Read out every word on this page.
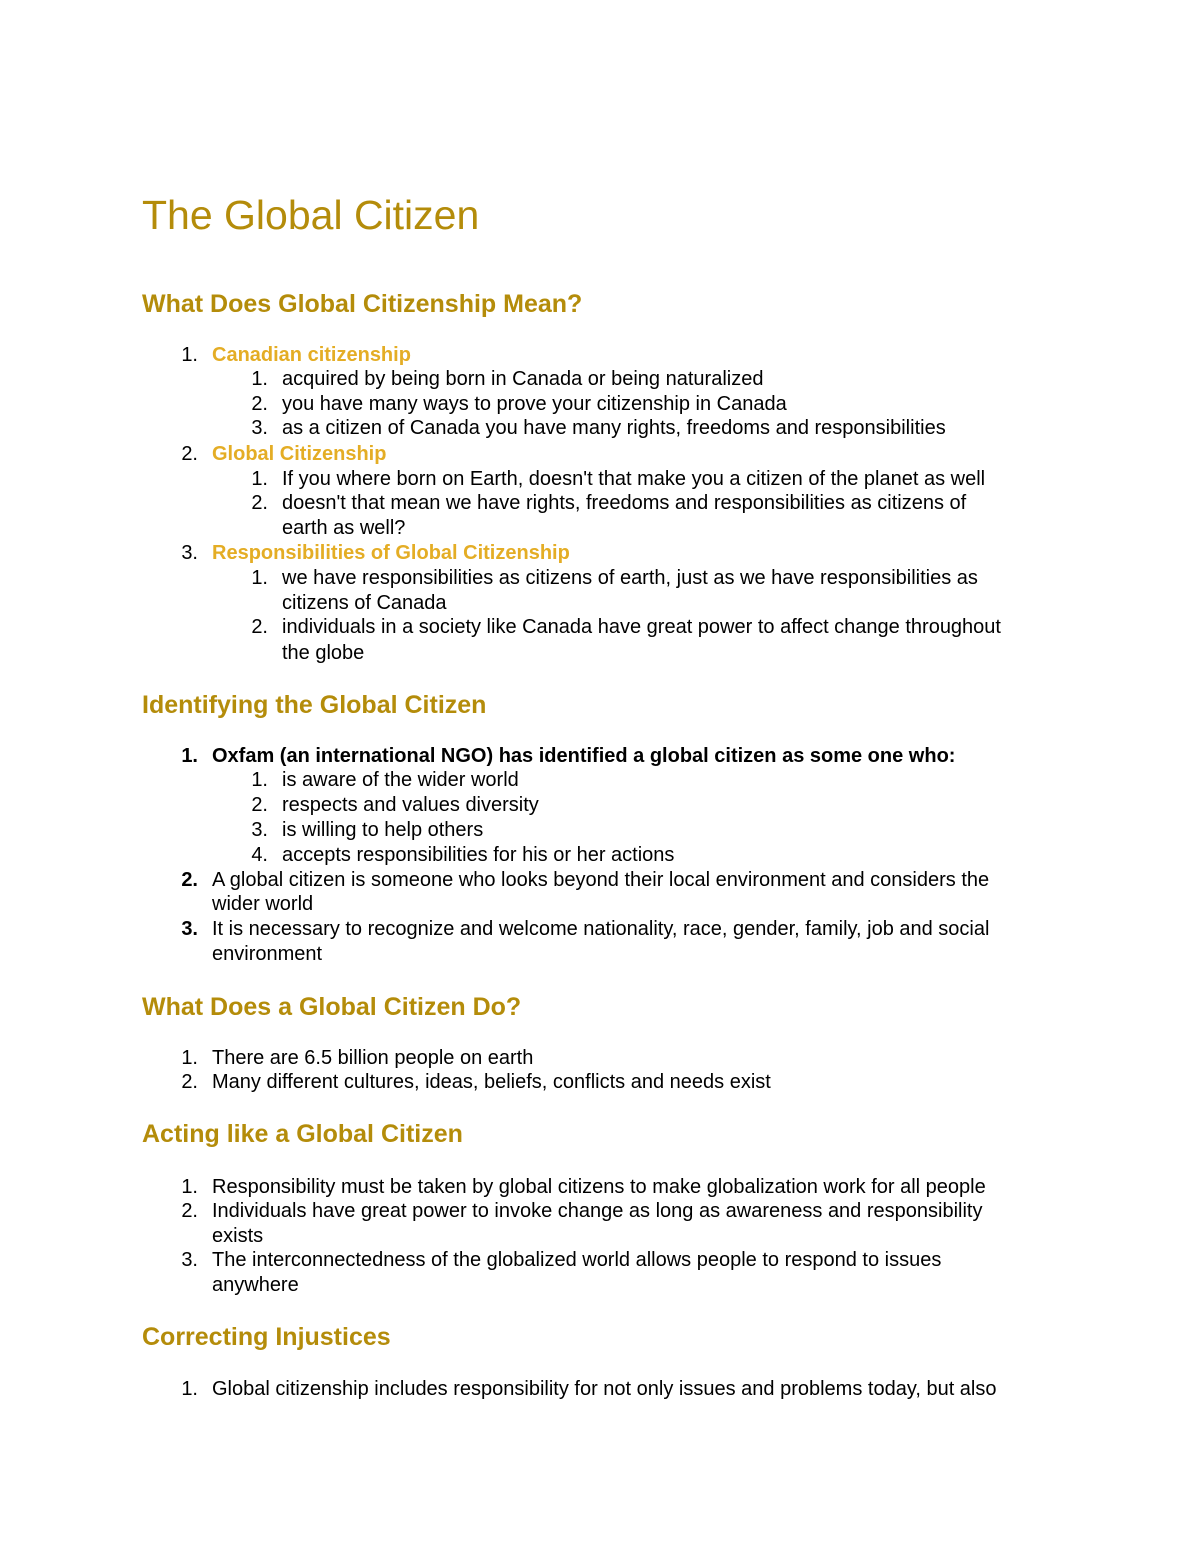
The Global Citizen
What Does Global Citizenship Mean?
1. Canadian citizenship
1. acquired by being born in Canada or being naturalized
2. you have many ways to prove your citizenship in Canada
3. as a citizen of Canada you have many rights, freedoms and responsibilities
2. Global Citizenship
1. If you where born on Earth, doesn't that make you a citizen of the planet as well
2. doesn't that mean we have rights, freedoms and responsibilities as citizens of
earth as well?
3. Responsibilities of Global Citizenship
1. we have responsibilities as citizens of earth, just as we have responsibilities as
citizens of Canada
2. individuals in a society like Canada have great power to affect change throughout
the globe
Identifying the Global Citizen
1. Oxfam (an international NGO) has identified a global citizen as some one who:
1. is aware of the wider world
2. respects and values diversity
3. is willing to help others
4. accepts responsibilities for his or her actions
2. A global citizen is someone who looks beyond their local environment and considers the
wider world
3. It is necessary to recognize and welcome nationality, race, gender, family, job and social
environment
What Does a Global Citizen Do?
1. There are 6.5 billion people on earth
2. Many different cultures, ideas, beliefs, conflicts and needs exist
Acting like a Global Citizen
1. Responsibility must be taken by global citizens to make globalization work for all people
2. Individuals have great power to invoke change as long as awareness and responsibility
exists
3. The interconnectedness of the globalized world allows people to respond to issues
anywhere
Correcting Injustices
1. Global citizenship includes responsibility for not only issues and problems today, but also
